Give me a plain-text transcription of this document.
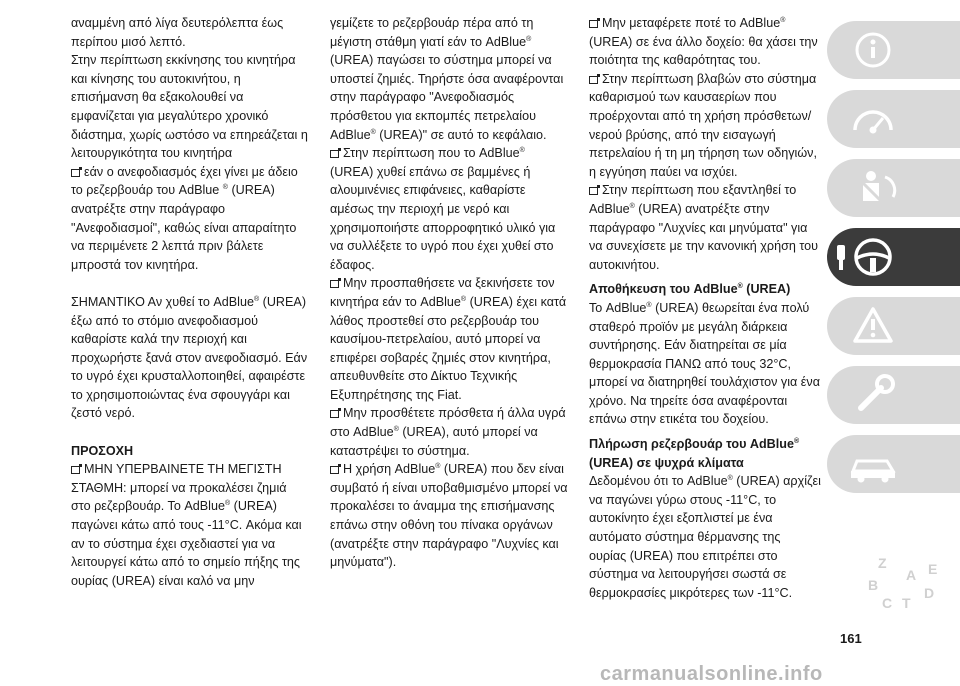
αναμμένη από λίγα δευτερόλεπτα έως περίπου μισό λεπτό.

Στην περίπτωση εκκίνησης του κινητήρα και κίνησης του αυτοκινήτου, η επισήμανση θα εξακολουθεί να εμφανίζεται για μεγαλύτερο χρονικό διάστημα, χωρίς ωστόσο να επηρεάζεται η λειτουργικότητα του κινητήρα

εάν ο ανεφοδιασμός έχει γίνει με άδειο το ρεζερβουάρ του AdBlue ® (UREA) ανατρέξτε στην παράγραφο "Ανεφοδιασμοί", καθώς είναι απαραίτητο να περιμένετε 2 λεπτά πριν βάλετε μπροστά τον κινητήρα.

ΣΗΜΑΝΤΙΚΟ Αν χυθεί το AdBlue® (UREA) έξω από το στόμιο ανεφοδιασμού καθαρίστε καλά την περιοχή και προχωρήστε ξανά στον ανεφοδιασμό. Εάν το υγρό έχει κρυσταλλοποιηθεί, αφαιρέστε το χρησιμοποιώντας ένα σφουγγάρι και ζεστό νερό.

ΠΡΟΣΟΧΗ

ΜΗΝ ΥΠΕΡΒΑΙΝΕΤΕ ΤΗ ΜΕΓΙΣΤΗ ΣΤΑΘΜΗ: μπορεί να προκαλέσει ζημιά στο ρεζερβουάρ. Το AdBlue® (UREA) παγώνει κάτω από τους -11°C. Ακόμα και αν το σύστημα έχει σχεδιαστεί για να λειτουργεί κάτω από το σημείο πήξης της ουρίας (UREA) είναι καλό να μην

γεμίζετε το ρεζερβουάρ πέρα από τη μέγιστη στάθμη γιατί εάν το AdBlue® (UREA) παγώσει το σύστημα μπορεί να υποστεί ζημιές. Τηρήστε όσα αναφέρονται στην παράγραφο "Ανεφοδιασμός πρόσθετου για εκπομπές πετρελαίου AdBlue® (UREA)" σε αυτό το κεφάλαιο.

Στην περίπτωση που το AdBlue® (UREA) χυθεί επάνω σε βαμμένες ή αλουμινένιες επιφάνειες, καθαρίστε αμέσως την περιοχή με νερό και χρησιμοποιήστε απορροφητικό υλικό για να συλλέξετε το υγρό που έχει χυθεί στο έδαφος.

Μην προσπαθήσετε να ξεκινήσετε τον κινητήρα εάν το AdBlue® (UREA) έχει κατά λάθος προστεθεί στο ρεζερβουάρ του καυσίμου-πετρελαίου, αυτό μπορεί να επιφέρει σοβαρές ζημιές στον κινητήρα, απευθυνθείτε στο Δίκτυο Τεχνικής Εξυπηρέτησης της Fiat.

Μην προσθέτετε πρόσθετα ή άλλα υγρά στο AdBlue® (UREA), αυτό μπορεί να καταστρέψει το σύστημα.

Η χρήση AdBlue® (UREA) που δεν είναι συμβατό ή είναι υποβαθμισμένο μπορεί να προκαλέσει το άναμμα της επισήμανσης επάνω στην οθόνη του πίνακα οργάνων (ανατρέξτε στην παράγραφο "Λυχνίες και μηνύματα").

Μην μεταφέρετε ποτέ το AdBlue® (UREA) σε ένα άλλο δοχείο: θα χάσει την ποιότητα της καθαρότητας του.

Στην περίπτωση βλαβών στο σύστημα καθαρισμού των καυσαερίων που προέρχονται από τη χρήση πρόσθετων/νερού βρύσης, από την εισαγωγή πετρελαίου ή τη μη τήρηση των οδηγιών, η εγγύηση παύει να ισχύει.

Στην περίπτωση που εξαντληθεί το AdBlue® (UREA) ανατρέξτε στην παράγραφο "Λυχνίες και μηνύματα" για να συνεχίσετε με την κανονική χρήση του αυτοκινήτου.

Αποθήκευση του AdBlue® (UREA)

Το AdBlue® (UREA) θεωρείται ένα πολύ σταθερό προϊόν με μεγάλη διάρκεια συντήρησης. Εάν διατηρείται σε μία θερμοκρασία ΠΑΝΩ από τους 32°C, μπορεί να διατηρηθεί τουλάχιστον για ένα χρόνο. Να τηρείτε όσα αναφέρονται επάνω στην ετικέτα του δοχείου.

Πλήρωση ρεζερβουάρ του AdBlue® (UREA) σε ψυχρά κλίματα

Δεδομένου ότι το AdBlue® (UREA) αρχίζει να παγώνει γύρω στους -11°C, το αυτοκίνητο έχει εξοπλιστεί με ένα αυτόματο σύστημα θέρμανσης της ουρίας (UREA) που επιτρέπει στο σύστημα να λειτουργήσει σωστά σε θερμοκρασίες μικρότερες των -11°C.

Z
A
B
C
E
D
T
161
carmanualsonline.info
